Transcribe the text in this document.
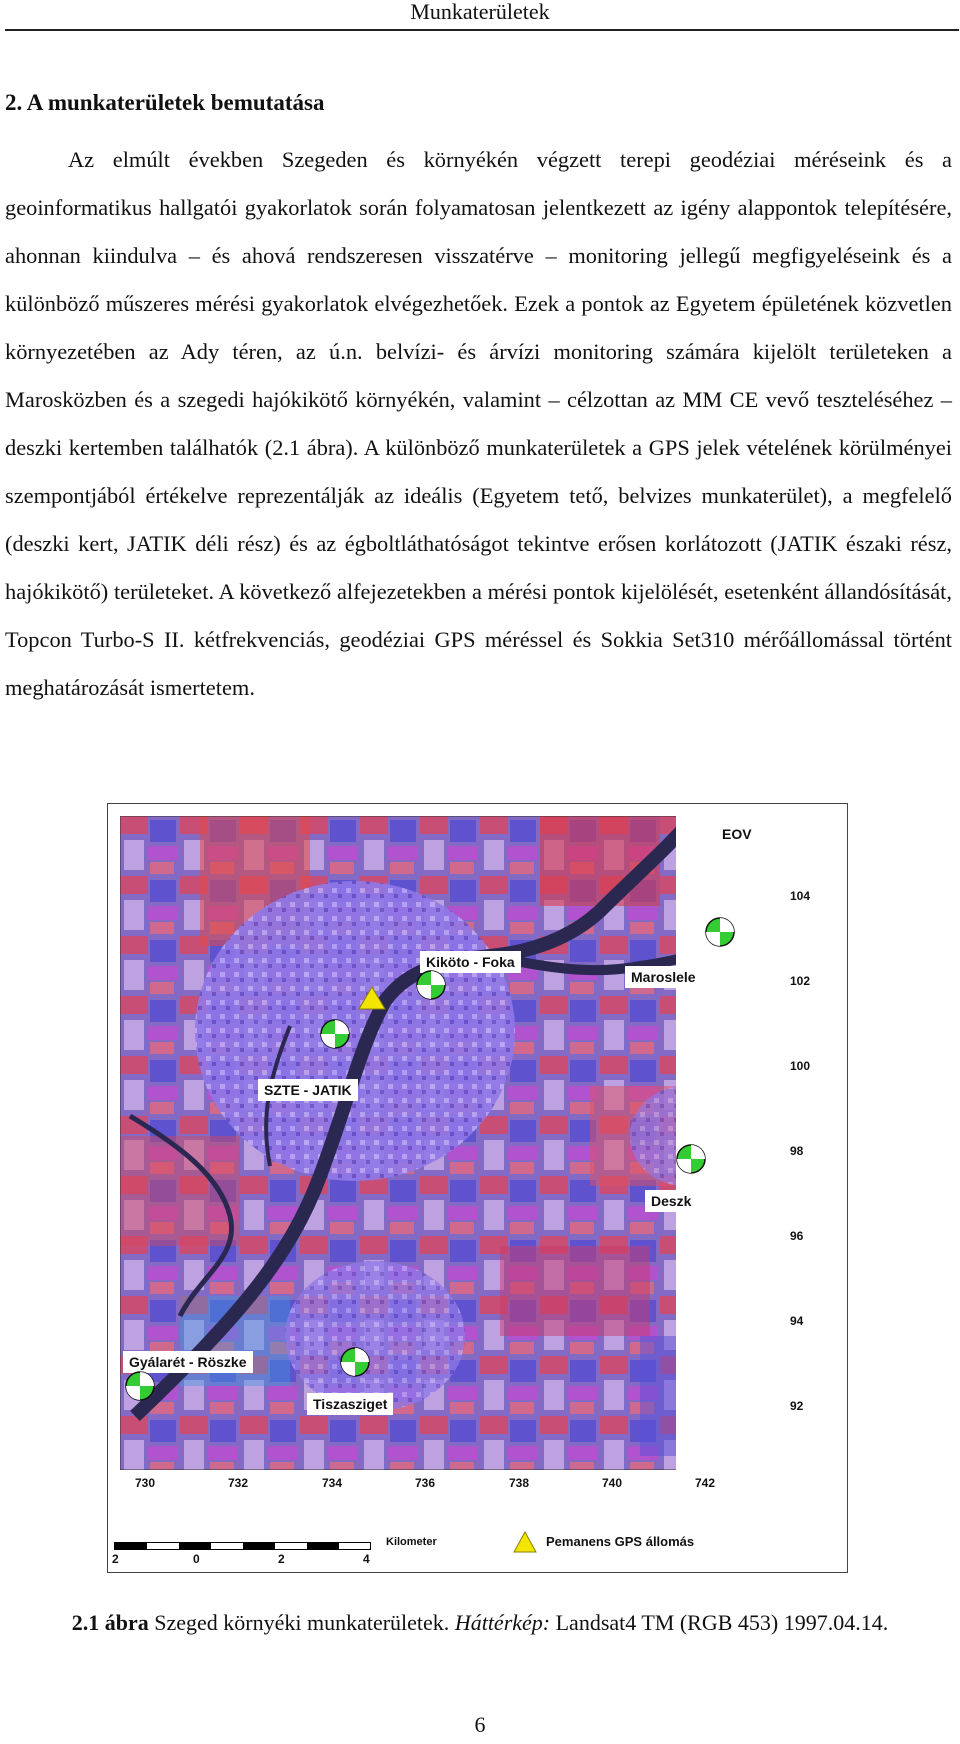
Munkaterületek
2. A munkaterületek bemutatása

Az elmúlt években Szegeden és környékén végzett terepi geodéziai méréseink és a geoinformatikus hallgatói gyakorlatok során folyamatosan jelentkezett az igény alappontok telepítésére, ahonnan kiindulva – és ahová rendszeresen visszatérve – monitoring jellegű megfigyeléseink és a különböző műszeres mérési gyakorlatok elvégezhetőek. Ezek a pontok az Egyetem épületének közvetlen környezetében az Ady téren, az ú.n. belvízi- és árvízi monitoring számára kijelölt területeken a Marosközben és a szegedi hajókikötő környékén, valamint – célzottan az MM CE vevő teszteléséhez – deszki kertemben találhatók (2.1 ábra). A különböző munkaterületek a GPS jelek vételének körülményei szempontjából értékelve reprezentálják az ideális (Egyetem tető, belvizes munkaterület), a megfelelő (deszki kert, JATIK déli rész) és az égboltláthatóságot tekintve erősen korlátozott (JATIK északi rész, hajókikötő) területeket. A következő alfejezetekben a mérési pontok kijelölését, esetenként állandósítását, Topcon Turbo-S II. kétfrekvenciás, geodéziai GPS méréssel és Sokkia Set310 mérőállomással történt meghatározását ismertetem.

Kiköto - Foka
Maroslele
SZTE - JATIK
Deszk
Gyálarét - Röszke
Tiszasziget
EOV
104
102
100
98
96
94
92
730	732	734	736	738	740	742
2	0	2	4
Kilometer	Pemanens GPS állomás
2.1 ábra Szeged környéki munkaterületek. Háttérkép: Landsat4 TM (RGB 453) 1997.04.14.
6
